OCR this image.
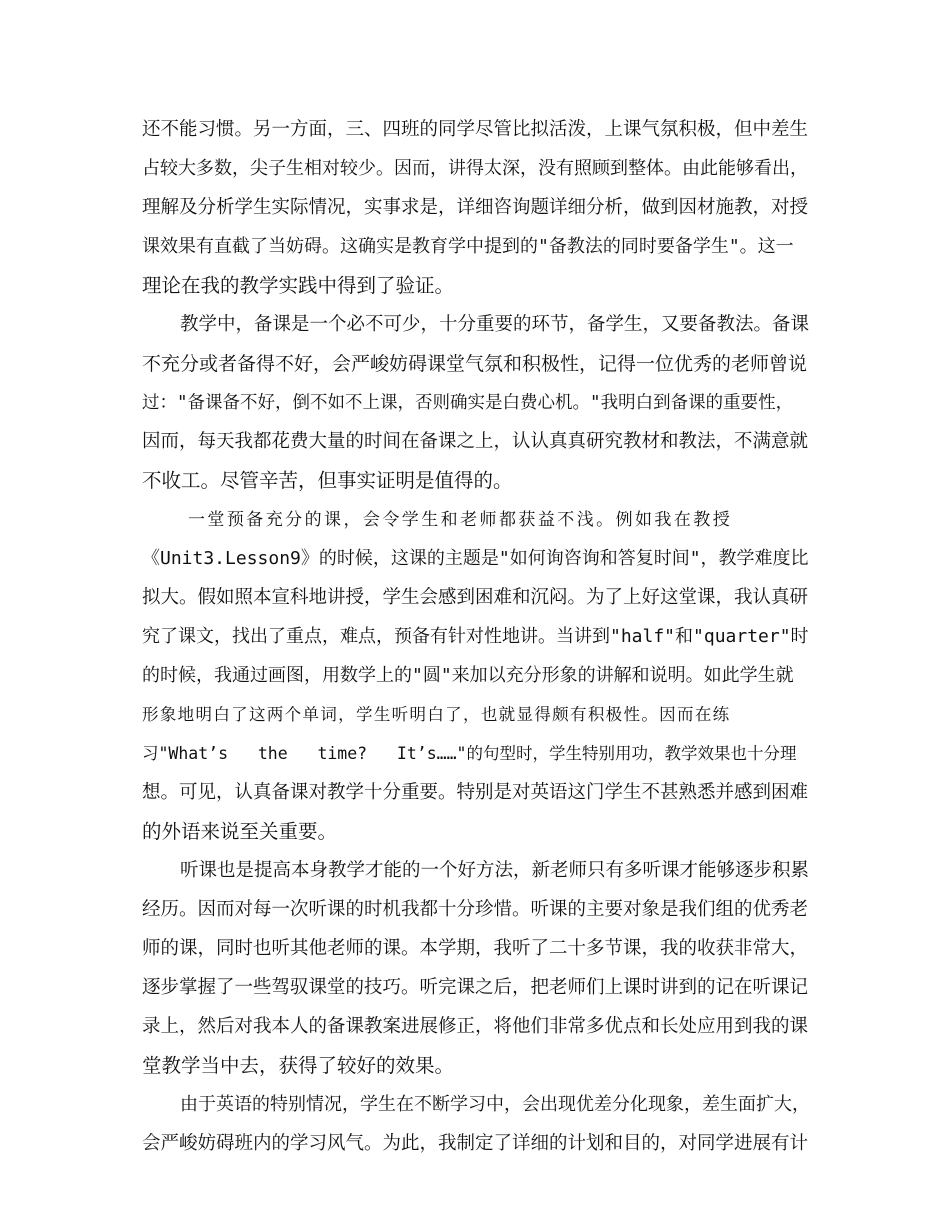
还不能习惯。另一方面，三、四班的同学尽管比拟活泼，上课气氛积极，但中差生
占较大多数，尖子生相对较少。因而，讲得太深，没有照顾到整体。由此能够看出，
理解及分析学生实际情况，实事求是，详细咨询题详细分析，做到因材施教，对授
课效果有直截了当妨碍。这确实是教育学中提到的"备教法的同时要备学生"。这一
理论在我的教学实践中得到了验证。
教学中，备课是一个必不可少，十分重要的环节，备学生，又要备教法。备课
不充分或者备得不好，会严峻妨碍课堂气氛和积极性，记得一位优秀的老师曾说
过："备课备不好，倒不如不上课，否则确实是白费心机。"我明白到备课的重要性，
因而，每天我都花费大量的时间在备课之上，认认真真研究教材和教法，不满意就
不收工。尽管辛苦，但事实证明是值得的。
一 堂 预 备 充 分 的 课 ， 会 令 学 生 和 老 师 都 获 益 不 浅 。 例 如 我 在 教 授
《Unit3.Lesson9》的时候，这课的主题是"如何询咨询和答复时间"，教学难度比
拟大。假如照本宣科地讲授，学生会感到困难和沉闷。为了上好这堂课，我认真研
究了课文，找出了重点，难点，预备有针对性地讲。当讲到"half"和"quarter"时
的时候，我通过画图，用数学上的"圆"来加以充分形象的讲解和说明。如此学生就
形 象 地 明 白 了 这 两 个 单 词 ， 学 生 听 明 白 了 ， 也 就 显 得 颇 有 积 极 性 。 因 而 在 练
习"What’s   the   time?   It’s……"的句型时，学生特别用功，教学效果也十分理
想。可见，认真备课对教学十分重要。特别是对英语这门学生不甚熟悉并感到困难
的外语来说至关重要。
听课也是提高本身教学才能的一个好方法，新老师只有多听课才能够逐步积累
经历。因而对每一次听课的时机我都十分珍惜。听课的主要对象是我们组的优秀老
师的课，同时也听其他老师的课。本学期，我听了二十多节课，我的收获非常大，
逐步掌握了一些驾驭课堂的技巧。听完课之后，把老师们上课时讲到的记在听课记
录上，然后对我本人的备课教案进展修正，将他们非常多优点和长处应用到我的课
堂教学当中去，获得了较好的效果。
由于英语的特别情况，学生在不断学习中，会出现优差分化现象，差生面扩大，
会严峻妨碍班内的学习风气。为此，我制定了详细的计划和目的，对同学进展有计
